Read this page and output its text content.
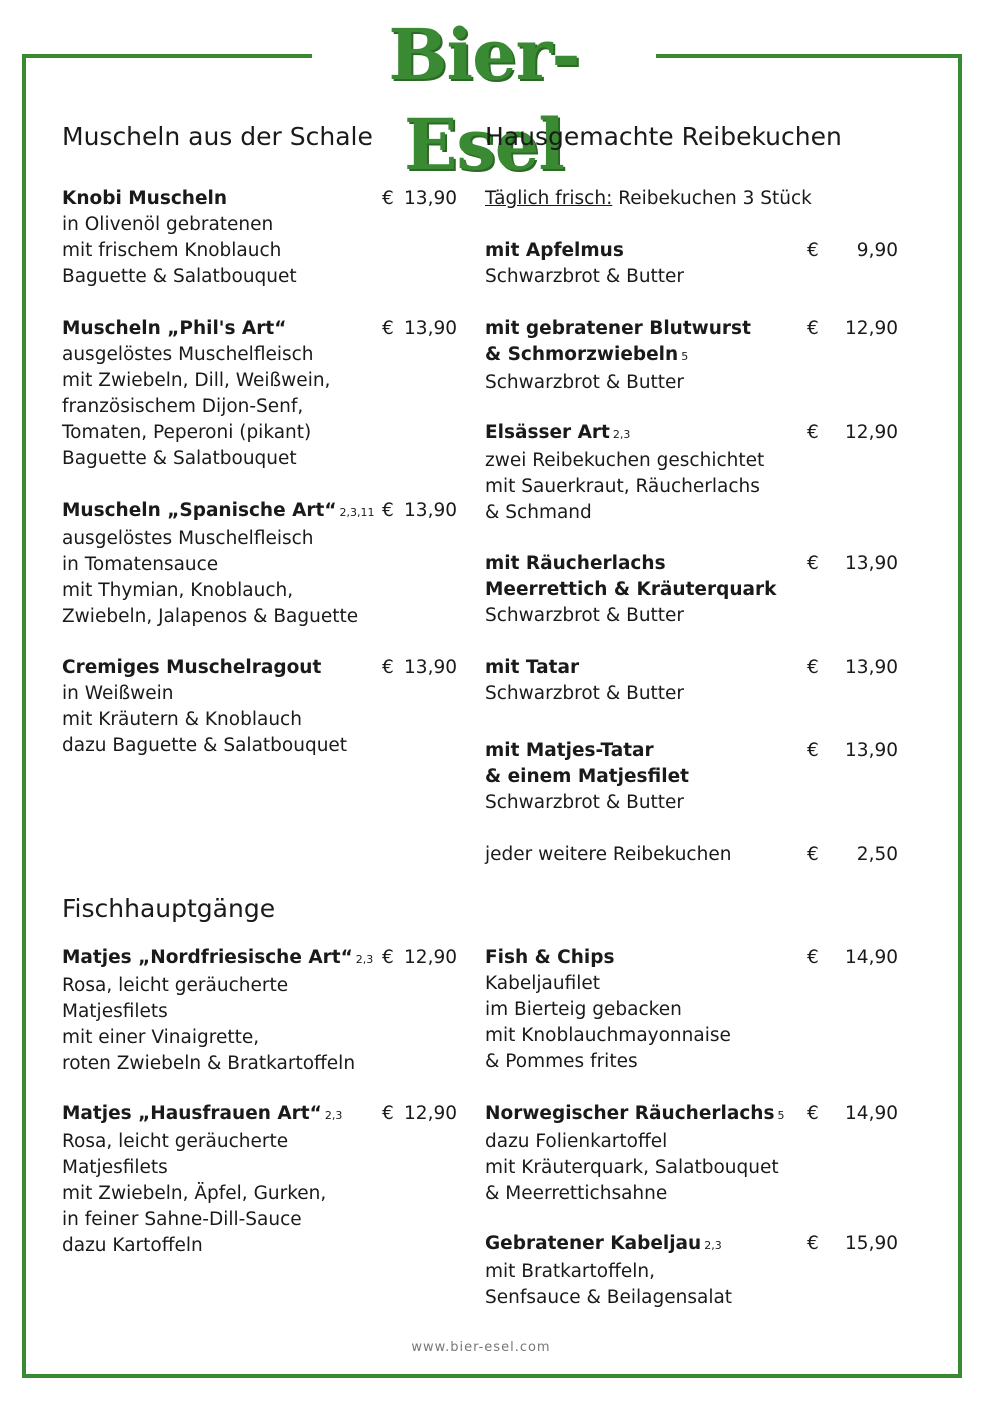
Bier-Esel
Muscheln aus der Schale	Hausgemachte Reibekuchen
Fischhauptgänge
Täglich frisch: Reibekuchen 3 Stück
Knobi Muscheln
in Olivenöl gebratenen
mit frischem Knoblauch
Baguette & Salatbouquet
€ 13,90
Muscheln „Phil's Art“
ausgelöstes Muschelfleisch
mit Zwiebeln, Dill, Weißwein,
französischem Dijon-Senf,
Tomaten, Peperoni (pikant)
Baguette & Salatbouquet
€ 13,90
Muscheln „Spanische Art“ 2,3,11
ausgelöstes Muschelfleisch
in Tomatensauce
mit Thymian, Knoblauch,
Zwiebeln, Jalapenos & Baguette
€ 13,90
Cremiges Muschelragout
in Weißwein
mit Kräutern & Knoblauch
dazu Baguette & Salatbouquet
€ 13,90
Matjes „Nordfriesische Art“ 2,3
Rosa, leicht geräucherte
Matjesfilets
mit einer Vinaigrette,
roten Zwiebeln & Bratkartoffeln
€ 12,90
Matjes „Hausfrauen Art“ 2,3
Rosa, leicht geräucherte
Matjesfilets
mit Zwiebeln, Äpfel, Gurken,
in feiner Sahne-Dill-Sauce
dazu Kartoffeln
€ 12,90
mit Apfelmus
Schwarzbrot & Butter
€	9,90
mit gebratener Blutwurst
& Schmorzwiebeln 5
Schwarzbrot & Butter
€	12,90
Elsässer Art 2,3
zwei Reibekuchen geschichtet
mit Sauerkraut, Räucherlachs
& Schmand
€	12,90
mit Räucherlachs
Meerrettich & Kräuterquark
Schwarzbrot & Butter
€	13,90
mit Tatar
Schwarzbrot & Butter
€	13,90
mit Matjes-Tatar
& einem Matjesfilet
Schwarzbrot & Butter
€	13,90
jeder weitere Reibekuchen	€	2,50
Fish & Chips
Kabeljaufilet
im Bierteig gebacken
mit Knoblauchmayonnaise
& Pommes frites
€	14,90
Norwegischer Räucherlachs 5
dazu Folienkartoffel
mit Kräuterquark, Salatbouquet
& Meerrettichsahne
€	14,90
Gebratener Kabeljau 2,3
mit Bratkartoffeln,
Senfsauce & Beilagensalat
€	15,90
www.bier-esel.com
